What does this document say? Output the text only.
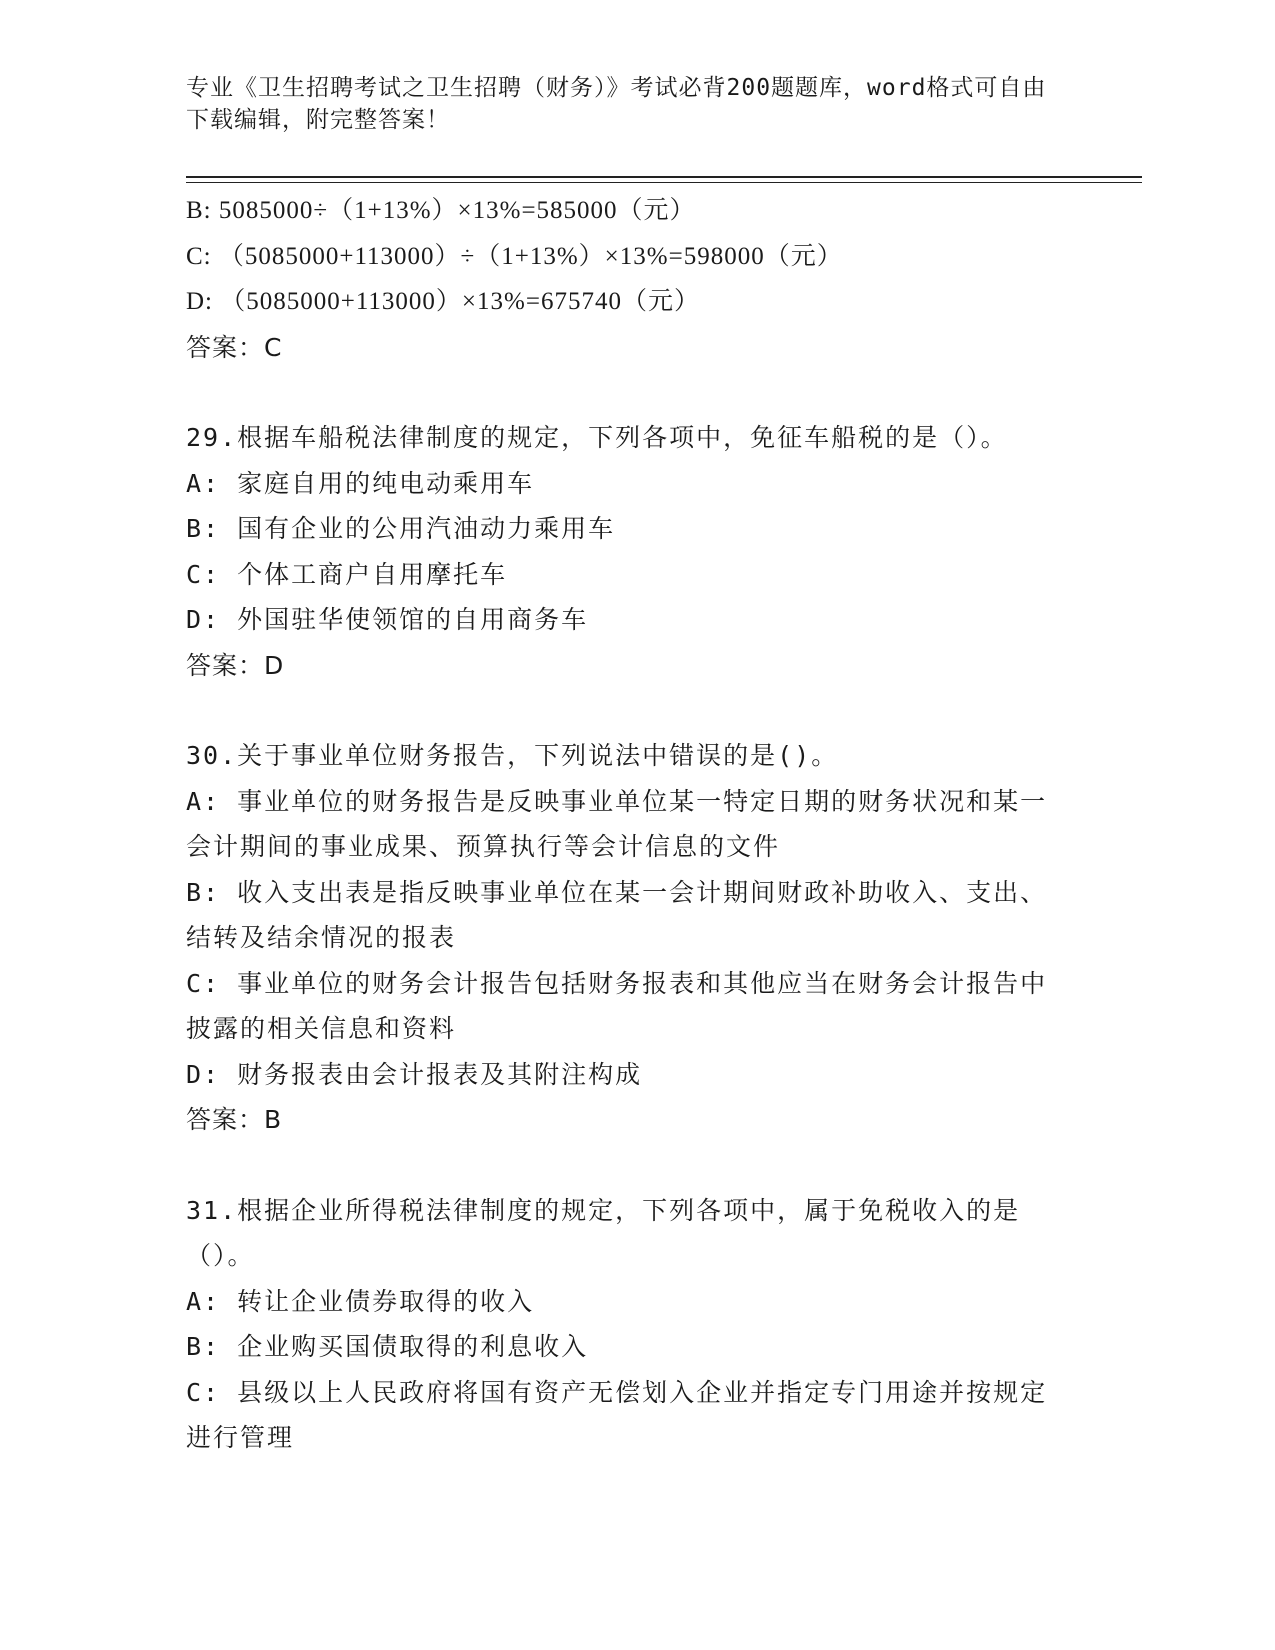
专业《卫生招聘考试之卫生招聘（财务）》考试必背200题题库，word格式可自由下载编辑，附完整答案！

B: 5085000÷（1+13%）×13%=585000（元）

C: （5085000+113000）÷（1+13%）×13%=598000（元）

D: （5085000+113000）×13%=675740（元）

答案：C

29.根据车船税法律制度的规定，下列各项中，免征车船税的是（）。

A: 家庭自用的纯电动乘用车

B: 国有企业的公用汽油动力乘用车

C: 个体工商户自用摩托车

D: 外国驻华使领馆的自用商务车

答案：D

30.关于事业单位财务报告，下列说法中错误的是()。

A: 事业单位的财务报告是反映事业单位某一特定日期的财务状况和某一会计期间的事业成果、预算执行等会计信息的文件

B: 收入支出表是指反映事业单位在某一会计期间财政补助收入、支出、结转及结余情况的报表

C: 事业单位的财务会计报告包括财务报表和其他应当在财务会计报告中披露的相关信息和资料

D: 财务报表由会计报表及其附注构成

答案：B

31.根据企业所得税法律制度的规定，下列各项中，属于免税收入的是（）。

A: 转让企业债券取得的收入

B: 企业购买国债取得的利息收入

C: 县级以上人民政府将国有资产无偿划入企业并指定专门用途并按规定进行管理
